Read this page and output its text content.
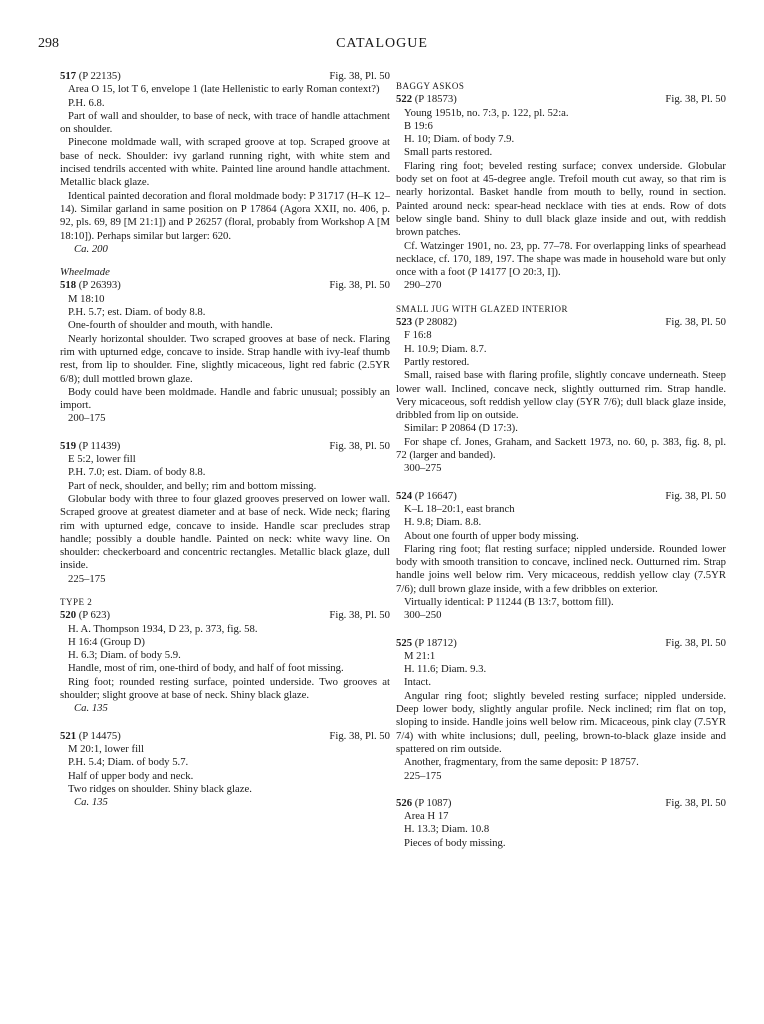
298	CATALOGUE
517 (P 22135)	Fig. 38, Pl. 50
Area O 15, lot T 6, envelope 1 (late Hellenistic to early Roman context?)
P.H. 6.8.
Part of wall and shoulder, to base of neck, with trace of handle attachment on shoulder.
Pinecone moldmade wall, with scraped groove at top. Scraped groove at base of neck. Shoulder: ivy garland running right, with white stem and incised tendrils accented with white. Painted line around handle attachment. Metallic black glaze.
Identical painted decoration and floral moldmade body: P 31717 (H–K 12–14). Similar garland in same position on P 17864 (Agora XXII, no. 406, p. 92, pls. 69, 89 [M 21:1]) and P 26257 (floral, probably from Workshop A [M 18:10]). Perhaps similar but larger: 620.
Ca. 200
Wheelmade
518 (P 26393)	Fig. 38, Pl. 50
M 18:10
P.H. 5.7; est. Diam. of body 8.8.
One-fourth of shoulder and mouth, with handle.
Nearly horizontal shoulder. Two scraped grooves at base of neck. Flaring rim with upturned edge, concave to inside. Strap handle with ivy-leaf thumb rest, from lip to shoulder. Fine, slightly micaceous, light red fabric (2.5YR 6/8); dull mottled brown glaze.
Body could have been moldmade. Handle and fabric unusual; possibly an import.
200–175
519 (P 11439)	Fig. 38, Pl. 50
E 5:2, lower fill
P.H. 7.0; est. Diam. of body 8.8.
Part of neck, shoulder, and belly; rim and bottom missing.
Globular body with three to four glazed grooves preserved on lower wall. Scraped groove at greatest diameter and at base of neck. Wide neck; flaring rim with upturned edge, concave to inside. Handle scar precludes strap handle; possibly a double handle. Painted on neck: white wavy line. On shoulder: checkerboard and concentric rectangles. Metallic black glaze, dull inside.
225–175
TYPE 2
520 (P 623)	Fig. 38, Pl. 50
H. A. Thompson 1934, D 23, p. 373, fig. 58.
H 16:4 (Group D)
H. 6.3; Diam. of body 5.9.
Handle, most of rim, one-third of body, and half of foot missing.
Ring foot; rounded resting surface, pointed underside. Two grooves at shoulder; slight groove at base of neck. Shiny black glaze.
Ca. 135
521 (P 14475)	Fig. 38, Pl. 50
M 20:1, lower fill
P.H. 5.4; Diam. of body 5.7.
Half of upper body and neck.
Two ridges on shoulder. Shiny black glaze.
Ca. 135
BAGGY ASKOS
522 (P 18573)	Fig. 38, Pl. 50
Young 1951b, no. 7:3, p. 122, pl. 52:a.
B 19:6
H. 10; Diam. of body 7.9.
Small parts restored.
Flaring ring foot; beveled resting surface; convex underside. Globular body set on foot at 45-degree angle. Trefoil mouth cut away, so that rim is nearly horizontal. Basket handle from mouth to belly, round in section. Painted around neck: spear-head necklace with ties at ends. Row of dots below single band. Shiny to dull black glaze inside and out, with reddish brown patches.
Cf. Watzinger 1901, no. 23, pp. 77–78. For overlapping links of spearhead necklace, cf. 170, 189, 197. The shape was made in household ware but only once with a foot (P 14177 [O 20:3, I]).
290–270
SMALL JUG WITH GLAZED INTERIOR
523 (P 28082)	Fig. 38, Pl. 50
F 16:8
H. 10.9; Diam. 8.7.
Partly restored.
Small, raised base with flaring profile, slightly concave underneath. Steep lower wall. Inclined, concave neck, slightly outturned rim. Strap handle. Very micaceous, soft reddish yellow clay (5YR 7/6); dull black glaze inside, dribbled from lip on outside.
Similar: P 20864 (D 17:3).
For shape cf. Jones, Graham, and Sackett 1973, no. 60, p. 383, fig. 8, pl. 72 (larger and banded).
300–275
524 (P 16647)	Fig. 38, Pl. 50
K–L 18–20:1, east branch
H. 9.8; Diam. 8.8.
About one fourth of upper body missing.
Flaring ring foot; flat resting surface; nippled underside. Rounded lower body with smooth transition to concave, inclined neck. Outturned rim. Strap handle joins well below rim. Very micaceous, reddish yellow clay (7.5YR 7/6); dull brown glaze inside, with a few dribbles on exterior.
Virtually identical: P 11244 (B 13:7, bottom fill).
300–250
525 (P 18712)	Fig. 38, Pl. 50
M 21:1
H. 11.6; Diam. 9.3.
Intact.
Angular ring foot; slightly beveled resting surface; nippled underside. Deep lower body, slightly angular profile. Neck inclined; rim flat on top, sloping to inside. Handle joins well below rim. Micaceous, pink clay (7.5YR 7/4) with white inclusions; dull, peeling, brown-to-black glaze inside and spattered on rim outside.
Another, fragmentary, from the same deposit: P 18757.
225–175
526 (P 1087)	Fig. 38, Pl. 50
Area H 17
H. 13.3; Diam. 10.8
Pieces of body missing.
